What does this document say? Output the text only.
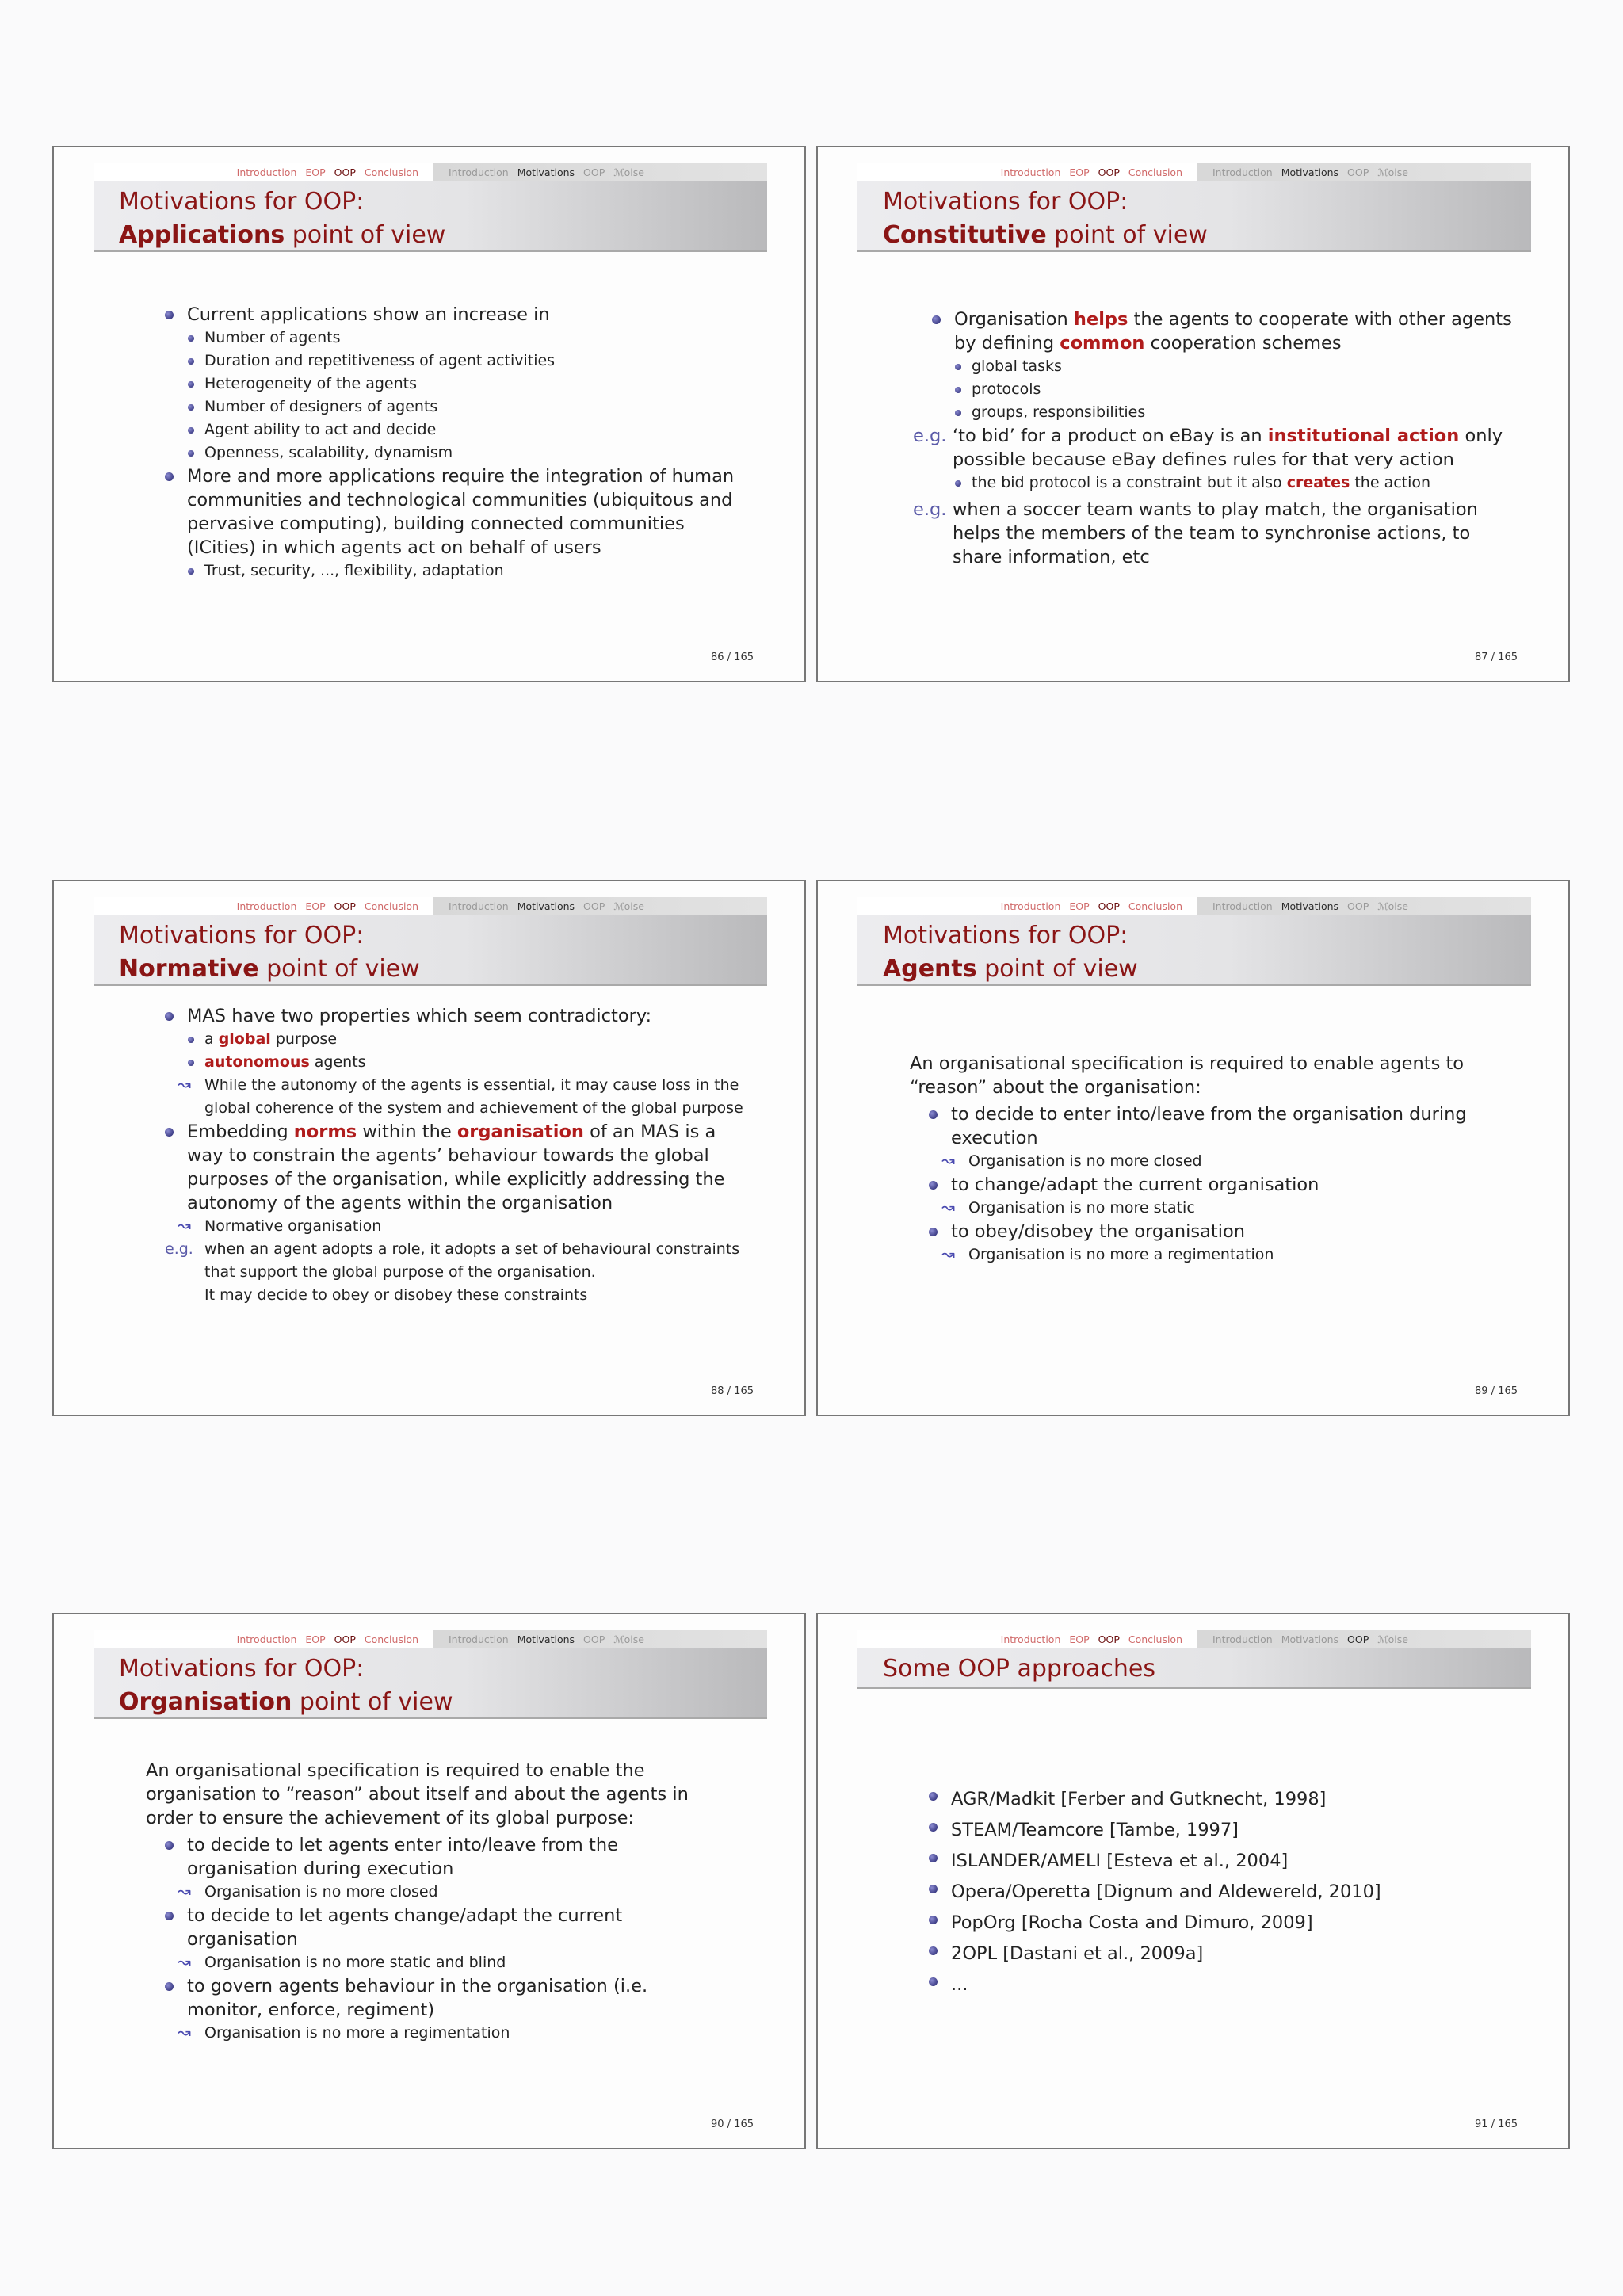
Introduction EOP OOP Conclusion	Introduction Motivations OOP ℳoise
Motivations for OOP:
Applications point of view
Current applications show an increase in
Number of agents
Duration and repetitiveness of agent activities
Heterogeneity of the agents
Number of designers of agents
Agent ability to act and decide
Openness, scalability, dynamism
More and more applications require the integration of human communities and technological communities (ubiquitous and pervasive computing), building connected communities (ICities) in which agents act on behalf of users
Trust, security, ..., flexibility, adaptation
86 / 165
Introduction EOP OOP Conclusion	Introduction Motivations OOP ℳoise
Motivations for OOP:
Constitutive point of view
Organisation helps the agents to cooperate with other agents by defining common cooperation schemes
global tasks
protocols
groups, responsibilities
e.g. ‘to bid’ for a product on eBay is an institutional action only possible because eBay defines rules for that very action
the bid protocol is a constraint but it also creates the action
e.g. when a soccer team wants to play match, the organisation helps the members of the team to synchronise actions, to share information, etc
87 / 165
Introduction EOP OOP Conclusion	Introduction Motivations OOP ℳoise
Motivations for OOP:
Normative point of view
MAS have two properties which seem contradictory:
a global purpose
autonomous agents
↝ While the autonomy of the agents is essential, it may cause loss in the global coherence of the system and achievement of the global purpose
Embedding norms within the organisation of an MAS is a way to constrain the agents’ behaviour towards the global purposes of the organisation, while explicitly addressing the autonomy of the agents within the organisation
↝ Normative organisation
e.g. when an agent adopts a role, it adopts a set of behavioural constraints that support the global purpose of the organisation.
It may decide to obey or disobey these constraints
88 / 165
Introduction EOP OOP Conclusion	Introduction Motivations OOP ℳoise
Motivations for OOP:
Agents point of view
An organisational specification is required to enable agents to “reason” about the organisation:
to decide to enter into/leave from the organisation during execution
↝ Organisation is no more closed
to change/adapt the current organisation
↝ Organisation is no more static
to obey/disobey the organisation
↝ Organisation is no more a regimentation
89 / 165
Introduction EOP OOP Conclusion	Introduction Motivations OOP ℳoise
Motivations for OOP:
Organisation point of view
An organisational specification is required to enable the organisation to “reason” about itself and about the agents in order to ensure the achievement of its global purpose:
to decide to let agents enter into/leave from the organisation during execution
↝ Organisation is no more closed
to decide to let agents change/adapt the current organisation
↝ Organisation is no more static and blind
to govern agents behaviour in the organisation (i.e. monitor, enforce, regiment)
↝ Organisation is no more a regimentation
90 / 165
Introduction EOP OOP Conclusion	Introduction Motivations OOP ℳoise
Some OOP approaches
AGR/Madkit [Ferber and Gutknecht, 1998]
STEAM/Teamcore [Tambe, 1997]
ISLANDER/AMELI [Esteva et al., 2004]
Opera/Operetta [Dignum and Aldewereld, 2010]
PopOrg [Rocha Costa and Dimuro, 2009]
2OPL [Dastani et al., 2009a]
...
91 / 165
